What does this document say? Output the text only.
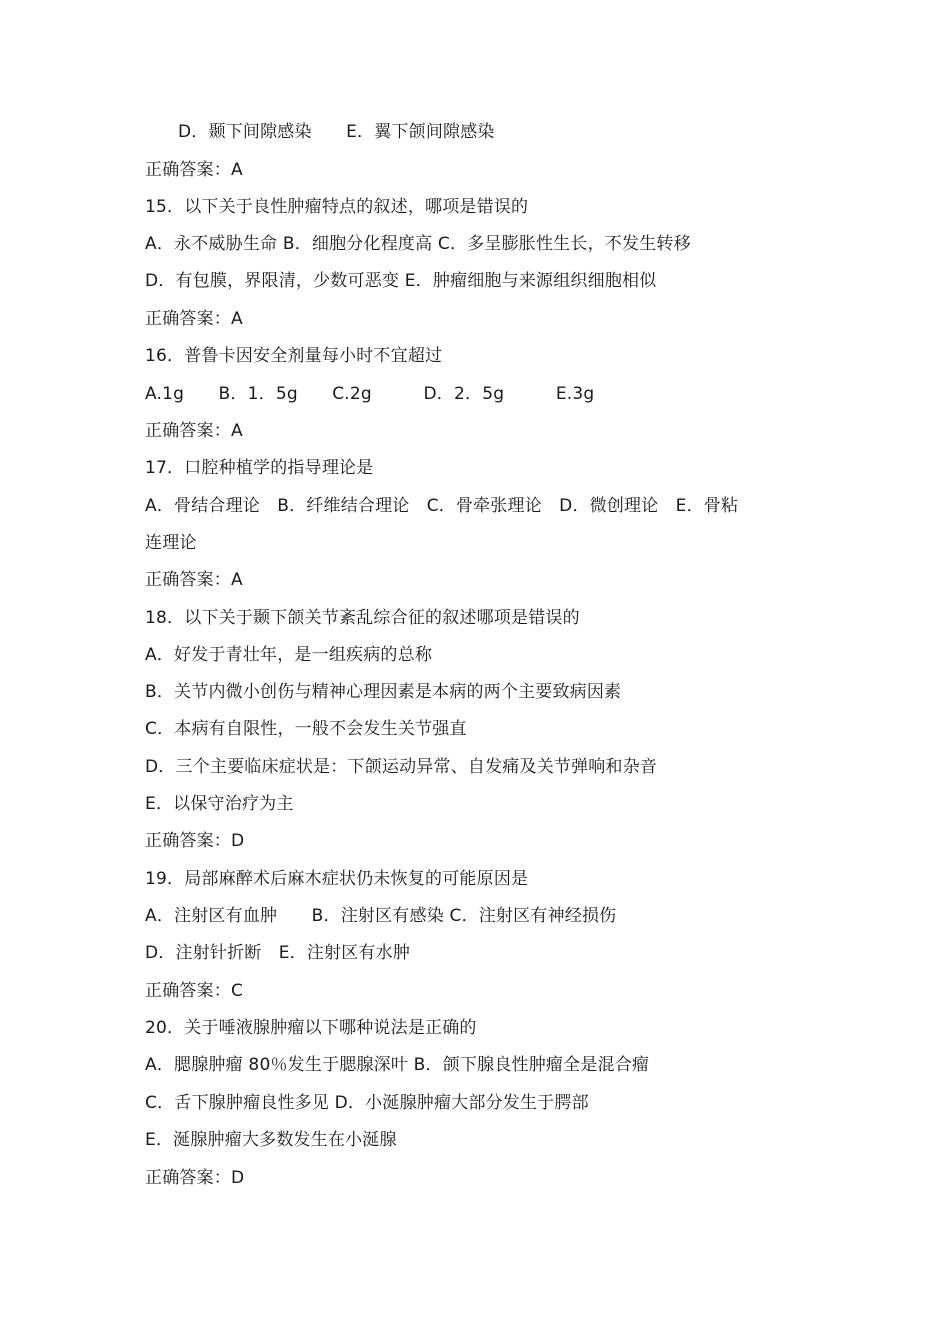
D．颞下间隙感染　　E．翼下颌间隙感染
正确答案：A
15．以下关于良性肿瘤特点的叙述，哪项是错误的
A．永不威胁生命 B．细胞分化程度高 C．多呈膨胀性生长，不发生转移
D．有包膜，界限清，少数可恶变 E．肿瘤细胞与来源组织细胞相似
正确答案：A
16．普鲁卡因安全剂量每小时不宜超过
A.1g　　B．1．5g　　C.2g　　　D．2．5g　　　E.3g
正确答案：A
17．口腔种植学的指导理论是
A．骨结合理论　B．纤维结合理论　C．骨牵张理论　D．微创理论　E．骨粘
连理论
正确答案：A
18．以下关于颞下颌关节紊乱综合征的叙述哪项是错误的
A．好发于青壮年，是一组疾病的总称
B．关节内微小创伤与精神心理因素是本病的两个主要致病因素
C．本病有自限性，一般不会发生关节强直
D．三个主要临床症状是：下颌运动异常、自发痛及关节弹响和杂音
E．以保守治疗为主
正确答案：D
19．局部麻醉术后麻木症状仍未恢复的可能原因是
A．注射区有血肿　　B．注射区有感染 C．注射区有神经损伤
D．注射针折断　E．注射区有水肿
正确答案：C
20．关于唾液腺肿瘤以下哪种说法是正确的
A．腮腺肿瘤 80％发生于腮腺深叶 B．颌下腺良性肿瘤全是混合瘤
C．舌下腺肿瘤良性多见 D．小涎腺肿瘤大部分发生于腭部
E．涎腺肿瘤大多数发生在小涎腺
正确答案：D
